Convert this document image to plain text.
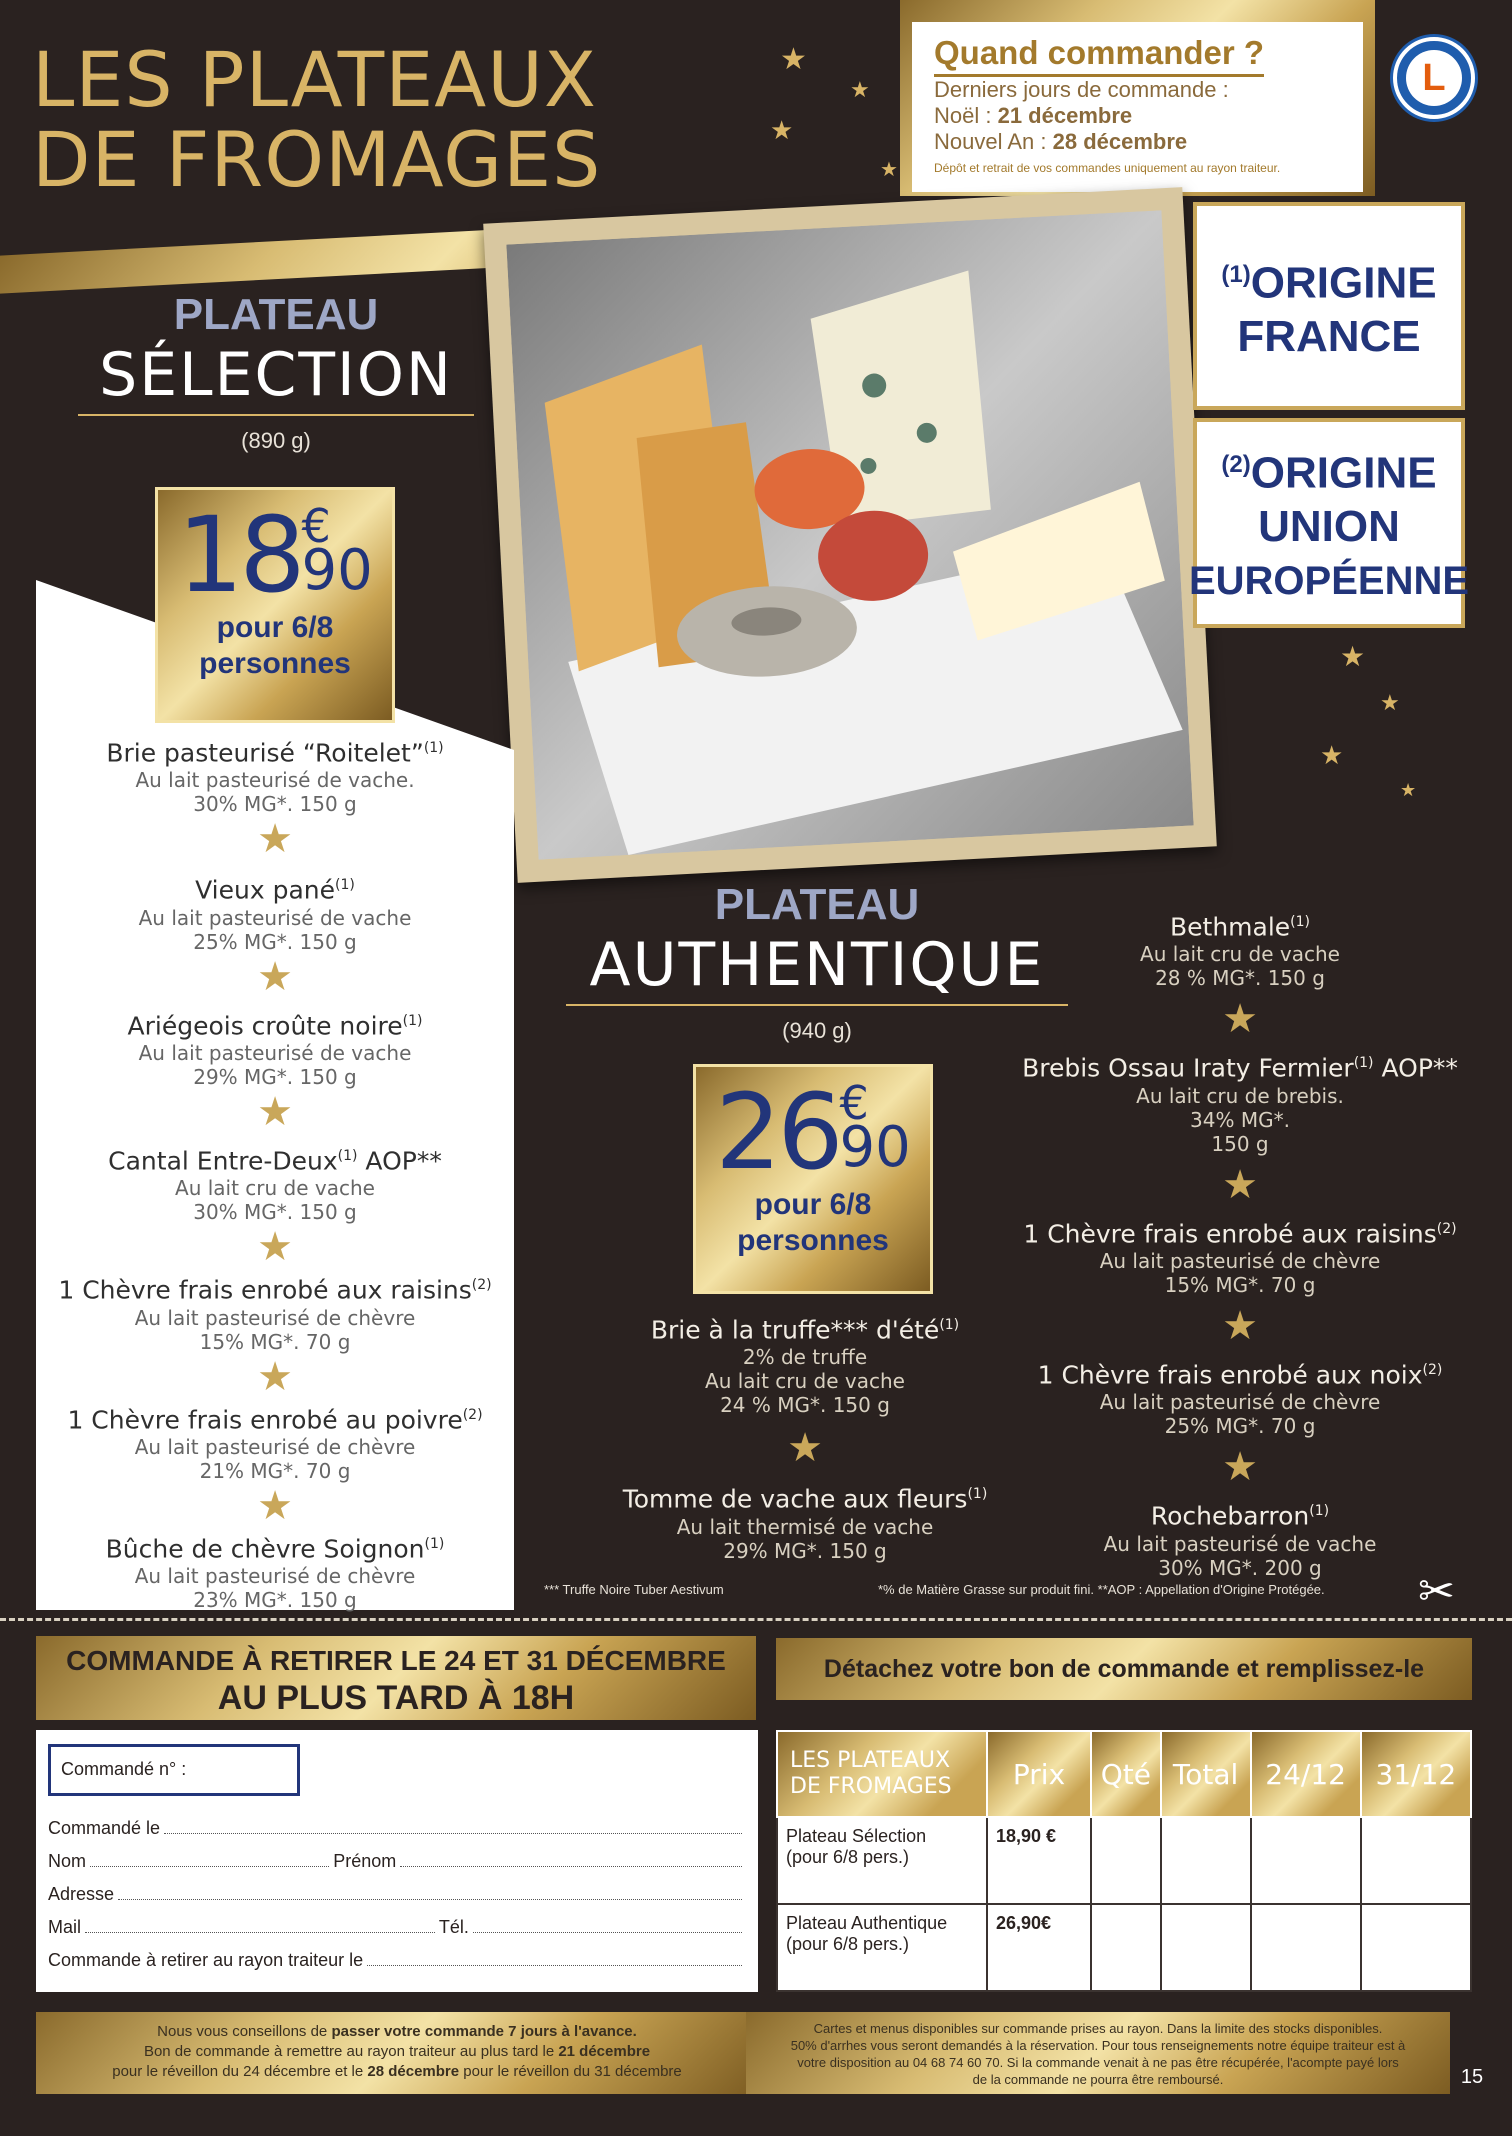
LES PLATEAUX
DE FROMAGES
★
★
★
★
★
★
★
★
Quand commander ?
Derniers jours de commande :
Noël : 21 décembre
Nouvel An : 28 décembre
Dépôt et retrait de vos commandes uniquement au rayon traiteur.
L
$^{(1)}$ORIGINE
FRANCE
$^{(2)}$ORIGINE
UNION
EUROPÉENNE
PLATEAU
SÉLECTION
(890 g)
18 €
90
pour 6/8
personnes
Brie pasteurisé “Roitelet”$^{(1)}$
Au lait pasteurisé de vache.
30% MG*. 150 g
★
Vieux pané$^{(1)}$
Au lait pasteurisé de vache
25% MG*. 150 g
★
Ariégeois croûte noire$^{(1)}$
Au lait pasteurisé de vache
29% MG*. 150 g
★
Cantal Entre-Deux$^{(1)}$ AOP**
Au lait cru de vache
30% MG*. 150 g
★
1 Chèvre frais enrobé aux raisins$^{(2)}$
Au lait pasteurisé de chèvre
15% MG*. 70 g
★
1 Chèvre frais enrobé au poivre$^{(2)}$
Au lait pasteurisé de chèvre
21% MG*. 70 g
★
Bûche de chèvre Soignon$^{(1)}$
Au lait pasteurisé de chèvre
23% MG*. 150 g
PLATEAU
AUTHENTIQUE
(940 g)
26 €
90
pour 6/8
personnes
Brie à la truffe*** d'été$^{(1)}$
2% de truffe
Au lait cru de vache
24 % MG*. 150 g
★
Tomme de vache aux fleurs$^{(1)}$
Au lait thermisé de vache
29% MG*. 150 g
Bethmale$^{(1)}$
Au lait cru de vache
28 % MG*. 150 g
★
Brebis Ossau Iraty Fermier$^{(1)}$ AOP**
Au lait cru de brebis.
34% MG*.
150 g
★
1 Chèvre frais enrobé aux raisins$^{(2)}$
Au lait pasteurisé de chèvre
15% MG*. 70 g
★
1 Chèvre frais enrobé aux noix$^{(2)}$
Au lait pasteurisé de chèvre
25% MG*. 70 g
★
Rochebarron$^{(1)}$
Au lait pasteurisé de vache
30% MG*. 200 g
*** Truffe Noire Tuber Aestivum	*% de Matière Grasse sur produit fini. **AOP : Appellation d'Origine Protégée. ✂
COMMANDE À RETIRER LE 24 ET 31 DÉCEMBRE
AU PLUS TARD À 18H
Détachez votre bon de commande et remplissez-le
Commandé n° :
Commandé le
Nom	Prénom
Adresse
Mail	Tél.
Commande à retirer au rayon traiteur le
LES PLATEAUX
DE FROMAGES	Prix	Qté	Total	24/12	31/12

Plateau Sélection
(pour 6/8 pers.)	18,90 €				

Plateau Authentique
(pour 6/8 pers.)	26,90€				
Nous vous conseillons de passer votre commande 7 jours à l'avance.
Bon de commande à remettre au rayon traiteur au plus tard le 21 décembre
pour le réveillon du 24 décembre et le 28 décembre pour le réveillon du 31 décembre
Cartes et menus disponibles sur commande prises au rayon. Dans la limite des stocks disponibles.
50% d'arrhes vous seront demandés à la réservation. Pour tous renseignements notre équipe traiteur est à
votre disposition au 04 68 74 60 70. Si la commande venait à ne pas être récupérée, l'acompte payé lors
de la commande ne pourra être remboursé.	15
